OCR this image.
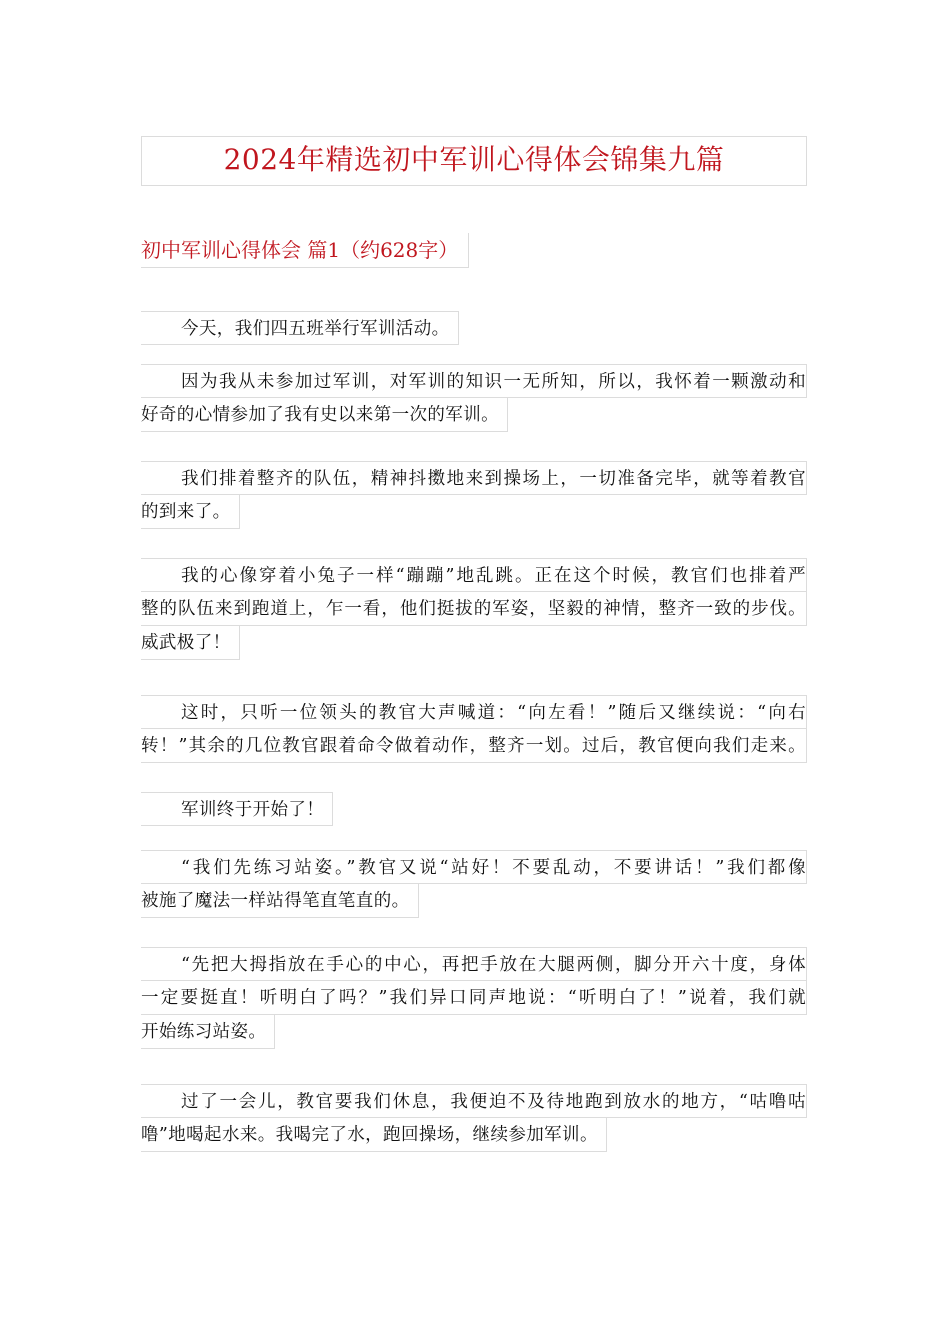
2024年精选初中军训心得体会锦集九篇
初中军训心得体会 篇1（约628字）
今天，我们四五班举行军训活动。
因为我从未参加过军训，对军训的知识一无所知，所以，我怀着一颗激动和
好奇的心情参加了我有史以来第一次的军训。
我们排着整齐的队伍，精神抖擞地来到操场上，一切准备完毕，就等着教官
的到来了。
我的心像穿着小兔子一样“蹦蹦”地乱跳。正在这个时候，教官们也排着严
整的队伍来到跑道上，乍一看，他们挺拔的军姿，坚毅的神情，整齐一致的步伐。
威武极了！
这时，只听一位领头的教官大声喊道：“向左看！”随后又继续说：“向右
转！”其余的几位教官跟着命令做着动作，整齐一划。过后，教官便向我们走来。
军训终于开始了！
“我们先练习站姿。”教官又说“站好！不要乱动，不要讲话！”我们都像
被施了魔法一样站得笔直笔直的。
“先把大拇指放在手心的中心，再把手放在大腿两侧，脚分开六十度，身体
一定要挺直！听明白了吗？”我们异口同声地说：“听明白了！”说着，我们就
开始练习站姿。
过了一会儿，教官要我们休息，我便迫不及待地跑到放水的地方，“咕噜咕
噜”地喝起水来。我喝完了水，跑回操场，继续参加军训。
